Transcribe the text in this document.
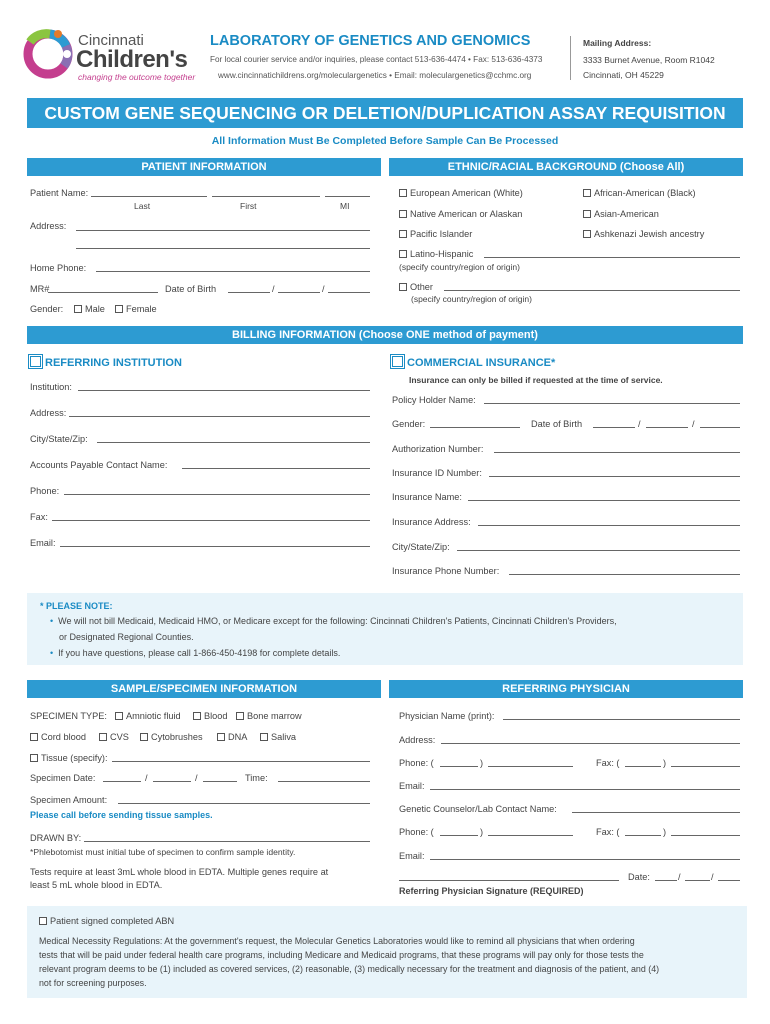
Cincinnati
Children's
changing the outcome together
LABORATORY OF GENETICS AND GENOMICS
For local courier service and/or inquiries, please contact 513-636-4474 • Fax: 513-636-4373
www.cincinnatichildrens.org/moleculargenetics • Email: moleculargenetics@cchmc.org
Mailing Address:
3333 Burnet Avenue, Room R1042
Cincinnati, OH 45229
CUSTOM GENE SEQUENCING OR DELETION/DUPLICATION ASSAY REQUISITION
All Information Must Be Completed Before Sample Can Be Processed
PATIENT INFORMATION
Patient Name:
Last	First	MI
Address:
Home Phone:
MR#	Date of Birth	/	/
Gender:	Male	Female
ETHNIC/RACIAL BACKGROUND (Choose All)
European American (White)	African-American (Black)
Native American or Alaskan	Asian-American
Pacific Islander	Ashkenazi Jewish ancestry
Latino-Hispanic
(specify country/region of origin)
Other
(specify country/region of origin)
BILLING INFORMATION (Choose ONE method of payment)
REFERRING INSTITUTION	COMMERCIAL INSURANCE*
Insurance can only be billed if requested at the time of service.
Institution:
Address:
City/State/Zip:
Accounts Payable Contact Name:
Phone:
Fax:
Email:
Policy Holder Name:
Gender:	Date of Birth	/	/
Authorization Number:
Insurance ID Number:
Insurance Name:
Insurance Address:
City/State/Zip:
Insurance Phone Number:
* PLEASE NOTE:
• We will not bill Medicaid, Medicaid HMO, or Medicare except for the following: Cincinnati Children's Patients, Cincinnati Children's Providers,
or Designated Regional Counties.
• If you have questions, please call 1-866-450-4198 for complete details.
SAMPLE/SPECIMEN INFORMATION
SPECIMEN TYPE:	Amniotic fluid	Blood	Bone marrow
Cord blood	CVS	Cytobrushes	DNA	Saliva
Tissue (specify):
Specimen Date:	/	/	Time:
Specimen Amount:
Please call before sending tissue samples.
DRAWN BY:
*Phlebotomist must initial tube of specimen to confirm sample identity.
Tests require at least 3mL whole blood in EDTA. Multiple genes require at
least 5 mL whole blood in EDTA.
REFERRING PHYSICIAN
Physician Name (print):
Address:
Phone: (	)	Fax: (	)
Email:
Genetic Counselor/Lab Contact Name:
Phone: (	)	Fax: (	)
Email:
Date:	/	/
Referring Physician Signature (REQUIRED)
Patient signed completed ABN
Medical Necessity Regulations: At the government's request, the Molecular Genetics Laboratories would like to remind all physicians that when ordering
tests that will be paid under federal health care programs, including Medicare and Medicaid programs, that these programs will pay only for those tests the
relevant program deems to be (1) included as covered services, (2) reasonable, (3) medically necessary for the treatment and diagnosis of the patient, and (4)
not for screening purposes.
